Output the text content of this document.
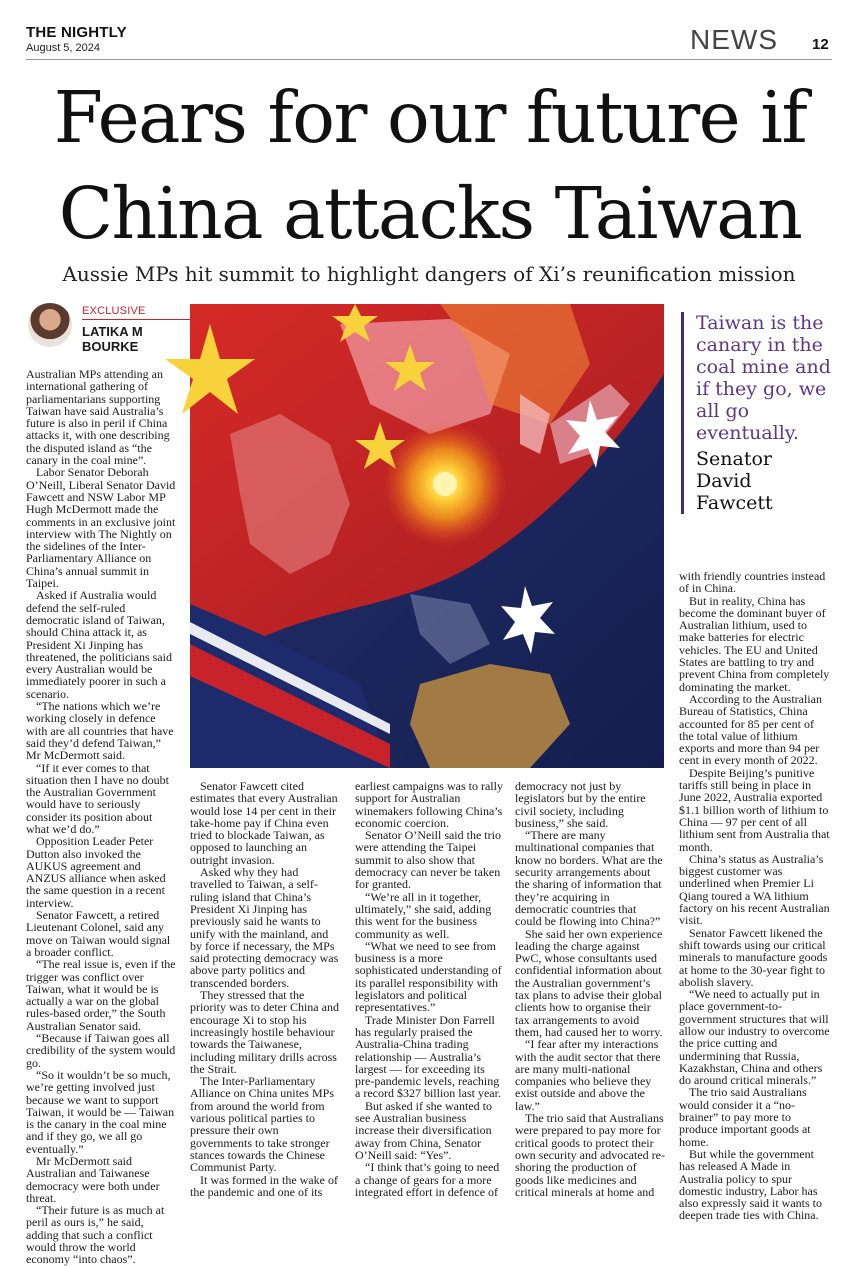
THE NIGHTLY
August 5, 2024	NEWS 12
Fears for our future if China attacks Taiwan
Aussie MPs hit summit to highlight dangers of Xi’s reunification mission
EXCLUSIVE
LATIKA M BOURKE
Taiwan is the canary in the coal mine and if they go, we all go eventually.
Senator David Fawcett

Australian MPs attending an international gathering of parliamentarians supporting Taiwan have said Australia’s future is also in peril if China attacks it, with one describing the disputed island as “the canary in the coal mine”.

Labor Senator Deborah O’Neill, Liberal Senator David Fawcett and NSW Labor MP Hugh McDermott made the comments in an exclusive joint interview with The Nightly on the sidelines of the Inter-Parliamentary Alliance on China’s annual summit in Taipei.

Asked if Australia would defend the self-ruled democratic island of Taiwan, should China attack it, as President Xi Jinping has threatened, the politicians said every Australian would be immediately poorer in such a scenario.

“The nations which we’re working closely in defence with are all countries that have said they’d defend Taiwan,” Mr McDermott said.

“If it ever comes to that situation then I have no doubt the Australian Government would have to seriously consider its position about what we’d do.”

Opposition Leader Peter Dutton also invoked the AUKUS agreement and ANZUS alliance when asked the same question in a recent interview.

Senator Fawcett, a retired Lieutenant Colonel, said any move on Taiwan would signal a broader conflict.

“The real issue is, even if the trigger was conflict over Taiwan, what it would be is actually a war on the global rules-based order,” the South Australian Senator said.

“Because if Taiwan goes all credibility of the system would go.

“So it wouldn’t be so much, we’re getting involved just because we want to support Taiwan, it would be — Taiwan is the canary in the coal mine and if they go, we all go eventually.”

Mr McDermott said Australian and Taiwanese democracy were both under threat.

“Their future is as much at peril as ours is,” he said, adding that such a conflict would throw the world economy “into chaos”.

Senator Fawcett cited estimates that every Australian would lose 14 per cent in their take-home pay if China even tried to blockade Taiwan, as opposed to launching an outright invasion.

Asked why they had travelled to Taiwan, a self-ruling island that China’s President Xi Jinping has previously said he wants to unify with the mainland, and by force if necessary, the MPs said protecting democracy was above party politics and transcended borders.

They stressed that the priority was to deter China and encourage Xi to stop his increasingly hostile behaviour towards the Taiwanese, including military drills across the Strait.

The Inter-Parliamentary Alliance on China unites MPs from around the world from various political parties to pressure their own governments to take stronger stances towards the Chinese Communist Party.

It was formed in the wake of the pandemic and one of its

earliest campaigns was to rally support for Australian winemakers following China’s economic coercion.

Senator O’Neill said the trio were attending the Taipei summit to also show that democracy can never be taken for granted.

“We’re all in it together, ultimately,” she said, adding this went for the business community as well.

“What we need to see from business is a more sophisticated understanding of its parallel responsibility with legislators and political representatives.”

Trade Minister Don Farrell has regularly praised the Australia-China trading relationship — Australia’s largest — for exceeding its pre-pandemic levels, reaching a record $327 billion last year.

But asked if she wanted to see Australian business increase their diversification away from China, Senator O’Neill said: “Yes”.

“I think that’s going to need a change of gears for a more integrated effort in defence of

democracy not just by legislators but by the entire civil society, including business,” she said.

“There are many multinational companies that know no borders. What are the security arrangements about the sharing of information that they’re acquiring in democratic countries that could be flowing into China?”

She said her own experience leading the charge against PwC, whose consultants used confidential information about the Australian government’s tax plans to advise their global clients how to organise their tax arrangements to avoid them, had caused her to worry.

“I fear after my interactions with the audit sector that there are many multi-national companies who believe they exist outside and above the law.”

The trio said that Australians were prepared to pay more for critical goods to protect their own security and advocated re-shoring the production of goods like medicines and critical minerals at home and

with friendly countries instead of in China.

But in reality, China has become the dominant buyer of Australian lithium, used to make batteries for electric vehicles. The EU and United States are battling to try and prevent China from completely dominating the market.

According to the Australian Bureau of Statistics, China accounted for 85 per cent of the total value of lithium exports and more than 94 per cent in every month of 2022.

Despite Beijing’s punitive tariffs still being in place in June 2022, Australia exported $1.1 billion worth of lithium to China — 97 per cent of all lithium sent from Australia that month.

China’s status as Australia’s biggest customer was underlined when Premier Li Qiang toured a WA lithium factory on his recent Australian visit.

Senator Fawcett likened the shift towards using our critical minerals to manufacture goods at home to the 30-year fight to abolish slavery.

“We need to actually put in place government-to-government structures that will allow our industry to overcome the price cutting and undermining that Russia, Kazakhstan, China and others do around critical minerals.”

The trio said Australians would consider it a “no-brainer” to pay more to produce important goods at home.

But while the government has released A Made in Australia policy to spur domestic industry, Labor has also expressly said it wants to deepen trade ties with China.
